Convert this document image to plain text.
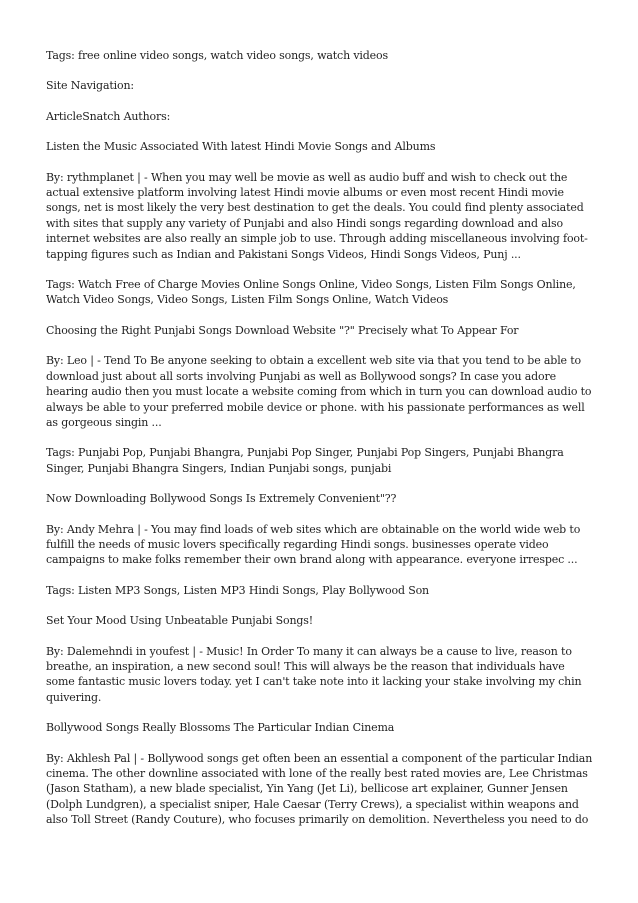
Tags: free online video songs, watch video songs, watch videos

Site Navigation:

ArticleSnatch Authors:

Listen the Music Associated With latest Hindi Movie Songs and Albums

By: rythmplanet | - When you may well be movie as well as audio buff and wish to check out the actual extensive platform involving latest Hindi movie albums or even most recent Hindi movie songs, net is most likely the very best destination to get the deals. You could find plenty associated with sites that supply any variety of Punjabi and also Hindi songs regarding download and also internet websites are also really an simple job to use. Through adding miscellaneous involving foot-tapping figures such as Indian and Pakistani Songs Videos, Hindi Songs Videos, Punj ...

Tags: Watch Free of Charge Movies Online Songs Online, Video Songs, Listen Film Songs Online, Watch Video Songs, Video Songs, Listen Film Songs Online, Watch Videos

Choosing the Right Punjabi Songs Download Website "?" Precisely what To Appear For

By: Leo | - Tend To Be anyone seeking to obtain a excellent web site via that you tend to be able to download just about all sorts involving Punjabi as well as Bollywood songs? In case you adore hearing audio then you must locate a website coming from which in turn you can download audio to always be able to your preferred mobile device or phone. with his passionate performances as well as gorgeous singin ...

Tags: Punjabi Pop, Punjabi Bhangra, Punjabi Pop Singer, Punjabi Pop Singers, Punjabi Bhangra Singer, Punjabi Bhangra Singers, Indian Punjabi songs, punjabi

Now Downloading Bollywood Songs Is Extremely Convenient"??

By: Andy Mehra | - You may find loads of web sites which are obtainable on the world wide web to fulfill the needs of music lovers specifically regarding Hindi songs. businesses operate video campaigns to make folks remember their own brand along with appearance. everyone irrespec ...

Tags: Listen MP3 Songs, Listen MP3 Hindi Songs, Play Bollywood Son

Set Your Mood Using Unbeatable Punjabi Songs!

By: Dalemehndi in youfest | - Music! In Order To many it can always be a cause to live, reason to breathe, an inspiration, a new second soul! This will always be the reason that individuals have some fantastic music lovers today. yet I can't take note into it lacking your stake involving my chin quivering.

Bollywood Songs Really Blossoms The Particular Indian Cinema

By: Akhlesh Pal | - Bollywood songs get often been an essential a component of the particular Indian cinema. The other downline associated with lone of the really best rated movies are, Lee Christmas (Jason Statham), a new blade specialist, Yin Yang (Jet Li), bellicose art explainer, Gunner Jensen (Dolph Lundgren), a specialist sniper, Hale Caesar (Terry Crews), a specialist within weapons and also Toll Street (Randy Couture), who focuses primarily on demolition. Nevertheless you need to do
